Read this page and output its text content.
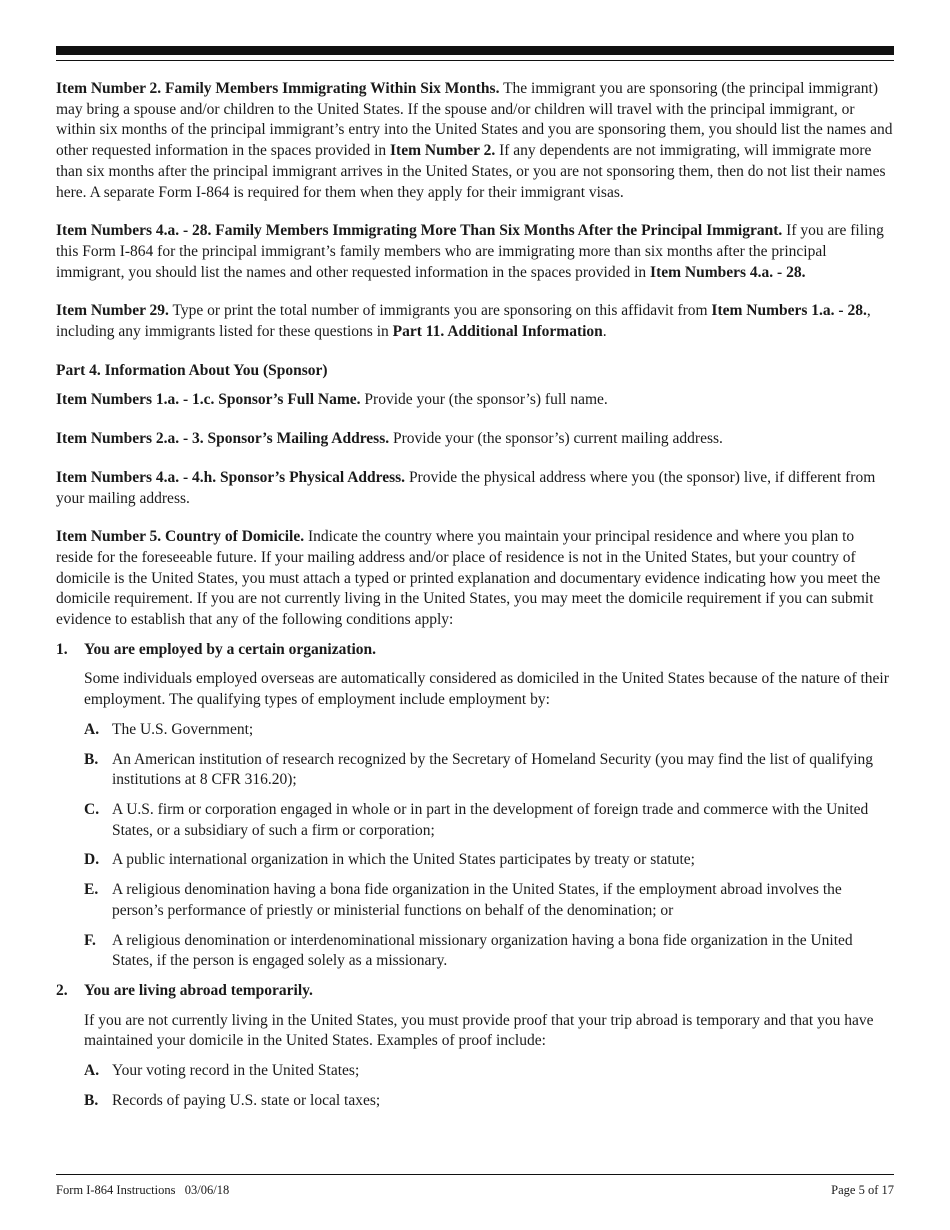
Item Number 2. Family Members Immigrating Within Six Months. The immigrant you are sponsoring (the principal immigrant) may bring a spouse and/or children to the United States. If the spouse and/or children will travel with the principal immigrant, or within six months of the principal immigrant’s entry into the United States and you are sponsoring them, you should list the names and other requested information in the spaces provided in Item Number 2. If any dependents are not immigrating, will immigrate more than six months after the principal immigrant arrives in the United States, or you are not sponsoring them, then do not list their names here. A separate Form I-864 is required for them when they apply for their immigrant visas.

Item Numbers 4.a. - 28. Family Members Immigrating More Than Six Months After the Principal Immigrant. If you are filing this Form I-864 for the principal immigrant’s family members who are immigrating more than six months after the principal immigrant, you should list the names and other requested information in the spaces provided in Item Numbers 4.a. - 28.

Item Number 29. Type or print the total number of immigrants you are sponsoring on this affidavit from Item Numbers 1.a. - 28., including any immigrants listed for these questions in Part 11. Additional Information.

Part 4. Information About You (Sponsor)

Item Numbers 1.a. - 1.c. Sponsor’s Full Name. Provide your (the sponsor’s) full name.

Item Numbers 2.a. - 3. Sponsor’s Mailing Address. Provide your (the sponsor’s) current mailing address.

Item Numbers 4.a. - 4.h. Sponsor’s Physical Address. Provide the physical address where you (the sponsor) live, if different from your mailing address.

Item Number 5. Country of Domicile. Indicate the country where you maintain your principal residence and where you plan to reside for the foreseeable future. If your mailing address and/or place of residence is not in the United States, but your country of domicile is the United States, you must attach a typed or printed explanation and documentary evidence indicating how you meet the domicile requirement. If you are not currently living in the United States, you may meet the domicile requirement if you can submit evidence to establish that any of the following conditions apply:

1.	You are employed by a certain organization.

Some individuals employed overseas are automatically considered as domiciled in the United States because of the nature of their employment. The qualifying types of employment include employment by:

A. The U.S. Government;
B. An American institution of research recognized by the Secretary of Homeland Security (you may find the list of qualifying institutions at 8 CFR 316.20);
C. A U.S. firm or corporation engaged in whole or in part in the development of foreign trade and commerce with the United States, or a subsidiary of such a firm or corporation;
D. A public international organization in which the United States participates by treaty or statute;
E. A religious denomination having a bona fide organization in the United States, if the employment abroad involves the person’s performance of priestly or ministerial functions on behalf of the denomination; or
F.	A religious denomination or interdenominational missionary organization having a bona fide organization in the United States, if the person is engaged solely as a missionary.
2.	You are living abroad temporarily.

If you are not currently living in the United States, you must provide proof that your trip abroad is temporary and that you have maintained your domicile in the United States. Examples of proof include:

A. Your voting record in the United States;
B. Records of paying U.S. state or local taxes;
Form I-864 Instructions   03/06/18	Page 5 of 17
